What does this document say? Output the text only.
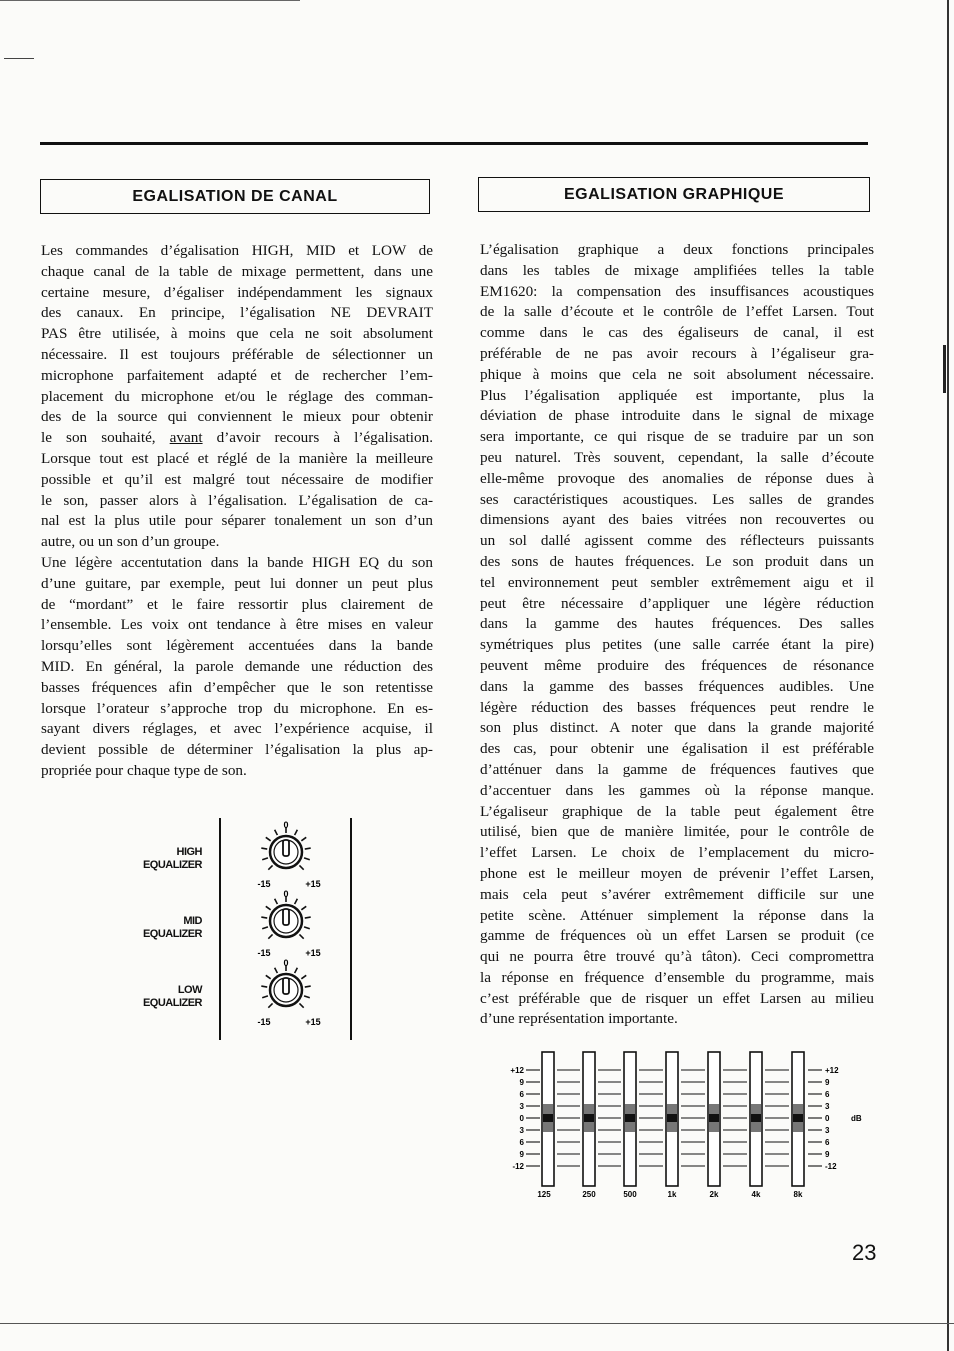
EGALISATION DE CANAL

Les commandes d’égalisation HIGH, MID et LOW de

chaque canal de la table de mixage permettent, dans une

certaine mesure, d’égaliser indépendamment les signaux

des canaux. En principe, l’égalisation NE DEVRAIT

PAS être utilisée, à moins que cela ne soit absolument

nécessaire. Il est toujours préférable de sélectionner un

microphone parfaitement adapté et de rechercher l’em-

placement du microphone et/ou le réglage des comman-

des de la source qui conviennent le mieux pour obtenir

le son souhaité, avant d’avoir recours à l’égalisation.

Lorsque tout est placé et réglé de la manière la meilleure

possible et qu’il est malgré tout nécessaire de modifier

le son, passer alors à l’égalisation. L’égalisation de ca-

nal est la plus utile pour séparer tonalement un son d’un

autre, ou un son d’un groupe.

Une légère accentutation dans la bande HIGH EQ du son

d’une guitare, par exemple, peut lui donner un peut plus

de “mordant” et le faire ressortir plus clairement de

l’ensemble. Les voix ont tendance à être mises en valeur

lorsqu’elles sont légèrement accentuées dans la bande

MID. En général, la parole demande une réduction des

basses fréquences afin d’empêcher que le son retentisse

lorsque l’orateur s’approche trop du microphone. En es-

sayant divers réglages, et avec l’expérience acquise, il

devient possible de déterminer l’égalisation la plus ap-

propriée pour chaque type de son.

HIGH
EQUALIZER
MID
EQUALIZER
LOW
EQUALIZER
0
-15	+15
0
-15	+15
0
-15	+15
EGALISATION GRAPHIQUE

L’égalisation graphique a deux fonctions principales

dans les tables de mixage amplifiées telles la table

EM1620: la compensation des insuffisances acoustiques

de la salle d’écoute et le contrôle de l’effet Larsen. Tout

comme dans le cas des égaliseurs de canal, il est

préférable de ne pas avoir recours à l’égaliseur gra-

phique à moins que cela ne soit absolument nécessaire.

Plus l’égalisation appliquée est importante, plus la

déviation de phase introduite dans le signal de mixage

sera importante, ce qui risque de se traduire par un son

peu naturel. Très souvent, cependant, la salle d’écoute

elle-même provoque des anomalies de réponse dues à

ses caractéristiques acoustiques. Les salles de grandes

dimensions ayant des baies vitrées non recouvertes ou

un sol dallé agissent comme des réflecteurs puissants

des sons de hautes fréquences. Le son produit dans un

tel environnement peut sembler extrêmement aigu et il

peut être nécessaire d’appliquer une légère réduction

dans la gamme des hautes fréquences. Des salles

symétriques plus petites (une salle carrée étant la pire)

peuvent même produire des fréquences de résonance

dans la gamme des basses fréquences audibles. Une

légère réduction des basses fréquences peut rendre le

son plus distinct. A noter que dans la grande majorité

des cas, pour obtenir une égalisation il est préférable

d’atténuer dans la gamme de fréquences fautives que

d’accentuer dans les gammes où la réponse manque.

L’égaliseur graphique de la table peut également être

utilisé, bien que de manière limitée, pour le contrôle de

l’effet Larsen. Le choix de l’emplacement du micro-

phone est le meilleur moyen de prévenir l’effet Larsen,

mais cela peut s’avérer extrêmement difficile sur une

petite scène. Atténuer simplement la réponse dans la

gamme de fréquences où un effet Larsen se produit (ce

qui ne pourra être trouvé qu’à tâton). Ceci compromettra

la réponse en fréquence d’ensemble du programme, mais

c’est préférable que de risquer un effet Larsen au milieu

d’une représentation importante.

+12
9
6
3
0
3
6
9
-12
+12
9
6
3
0
3
6
9
-12
dB
125	250	500	1k	2k	4k	8k
23
